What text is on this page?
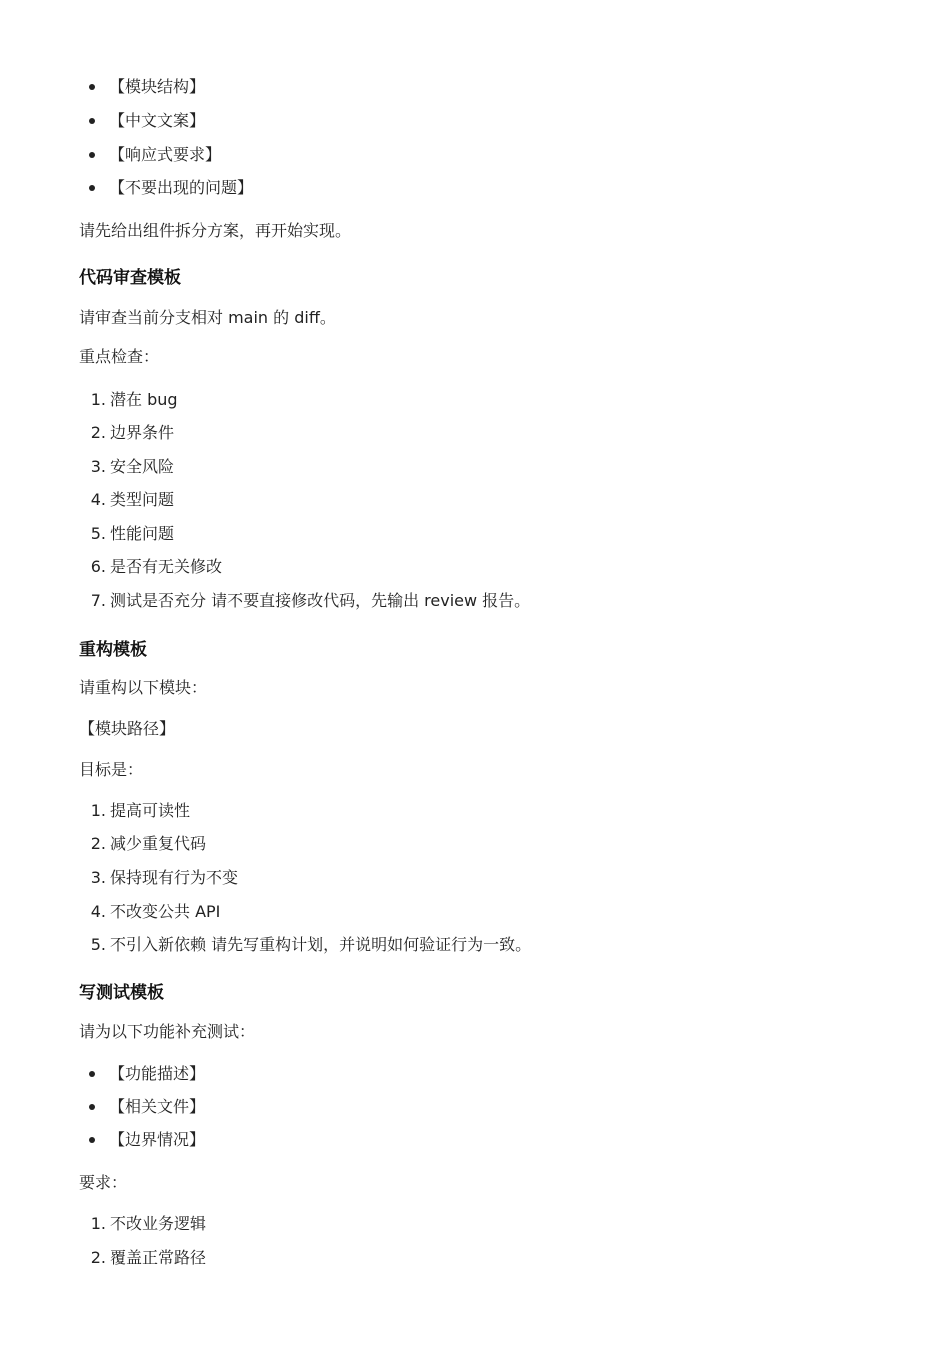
【模块结构】
【中文文案】
【响应式要求】
【不要出现的问题】
请先给出组件拆分方案，再开始实现。
代码审查模板
请审查当前分支相对 main 的 diff。
重点检查：
1. 潜在 bug
2. 边界条件
3. 安全风险
4. 类型问题
5. 性能问题
6. 是否有无关修改
7. 测试是否充分 请不要直接修改代码，先输出 review 报告。
重构模板
请重构以下模块：
【模块路径】
目标是：
1. 提高可读性
2. 减少重复代码
3. 保持现有行为不变
4. 不改变公共 API
5. 不引入新依赖 请先写重构计划，并说明如何验证行为一致。
写测试模板
请为以下功能补充测试：
【功能描述】
【相关文件】
【边界情况】
要求：
1. 不改业务逻辑
2. 覆盖正常路径
